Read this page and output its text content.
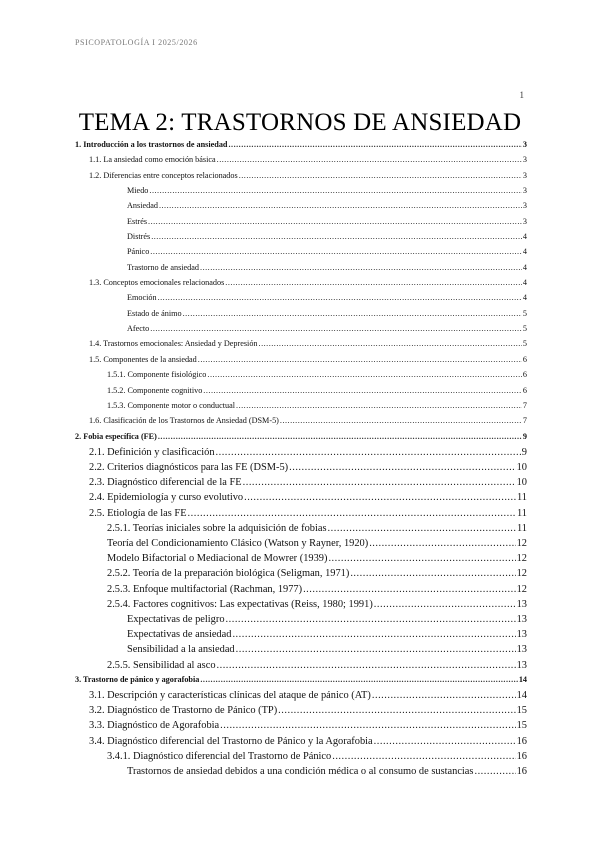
PSICOPATOLOGÍA I 2025/2026
1
TEMA 2: TRASTORNOS DE ANSIEDAD
1. Introducción a los trastornos de ansiedad .....	3
1.1. La ansiedad como emoción básica .....	3
1.2. Diferencias entre conceptos relacionados .....	3
Miedo .....	3
Ansiedad .....	3
Estrés .....	3
Distrés .....	4
Pánico .....	4
Trastorno de ansiedad .....	4
1.3. Conceptos emocionales relacionados .....	4
Emoción .....	4
Estado de ánimo .....	5
Afecto .....	5
1.4. Trastornos emocionales: Ansiedad y Depresión .....	5
1.5. Componentes de la ansiedad .....	6
1.5.1. Componente fisiológico .....	6
1.5.2. Componente cognitivo .....	6
1.5.3. Componente motor o conductual .....	7
1.6. Clasificación de los Trastornos de Ansiedad (DSM-5) .....	7
2. Fobia específica (FE) .....	9
2.1. Definición y clasificación .....	9
2.2. Criterios diagnósticos para las FE (DSM-5) .....	10
2.3. Diagnóstico diferencial de la FE .....	10
2.4. Epidemiología y curso evolutivo .....	11
2.5. Etiología de las FE .....	11
2.5.1. Teorías iniciales sobre la adquisición de fobias .....	11
Teoría del Condicionamiento Clásico (Watson y Rayner, 1920) .....	12
Modelo Bifactorial o Mediacional de Mowrer (1939) .....	12
2.5.2. Teoría de la preparación biológica (Seligman, 1971) .....	12
2.5.3. Enfoque multifactorial (Rachman, 1977) .....	12
2.5.4. Factores cognitivos: Las expectativas (Reiss, 1980; 1991) .....	13
Expectativas de peligro .....	13
Expectativas de ansiedad .....	13
Sensibilidad a la ansiedad .....	13
2.5.5. Sensibilidad al asco .....	13
3. Trastorno de pánico y agorafobia .....	14
3.1. Descripción y características clínicas del ataque de pánico (AT) .....	14
3.2. Diagnóstico de Trastorno de Pánico (TP) .....	15
3.3. Diagnóstico de Agorafobia .....	15
3.4. Diagnóstico diferencial del Trastorno de Pánico y la Agorafobia .....	16
3.4.1. Diagnóstico diferencial del Trastorno de Pánico .....	16
Trastornos de ansiedad debidos a una condición médica o al consumo de sustancias .....	16
